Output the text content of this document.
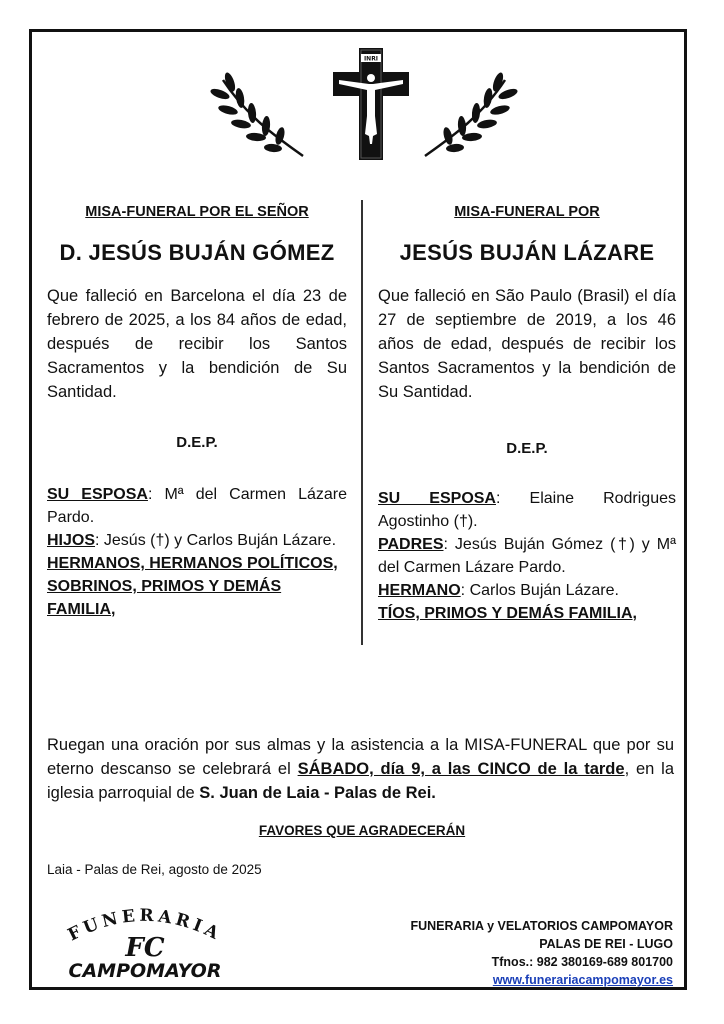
INRI
MISA-FUNERAL POR EL SEÑOR
D. JESÚS BUJÁN GÓMEZ
Que falleció en Barcelona el día 23 de febrero de 2025, a los 84 años de edad, después de recibir los Santos Sacramentos y la bendición de Su Santidad.
D.E.P.
SU ESPOSA: Mª del Carmen Lázare Pardo.
HIJOS: Jesús (†) y Carlos Buján Lázare.
HERMANOS, HERMANOS POLÍTICOS, SOBRINOS, PRIMOS Y DEMÁS FAMILIA,
MISA-FUNERAL POR
JESÚS BUJÁN LÁZARE
Que falleció en São Paulo (Brasil) el día 27 de septiembre de 2019, a los 46 años de edad, después de recibir los Santos Sacramentos y la bendición de Su Santidad.
D.E.P.
SU ESPOSA: Elaine Rodrigues Agostinho (†).
PADRES: Jesús Buján Gómez (†) y Mª del Carmen Lázare Pardo.
HERMANO: Carlos Buján Lázare.
TÍOS, PRIMOS Y DEMÁS FAMILIA,
Ruegan una oración por sus almas y la asistencia a la MISA-FUNERAL que por su eterno descanso se celebrará el SÁBADO, día 9, a las CINCO de la tarde, en la iglesia parroquial de S. Juan de Laia - Palas de Rei.
FAVORES QUE AGRADECERÁN
Laia - Palas de Rei, agosto de 2025
FUNERARIA
FC
CAMPOMAYOR
FUNERARIA y VELATORIOS CAMPOMAYOR
PALAS DE REI - LUGO
Tfnos.: 982 380169-689 801700
www.funerariacampomayor.es
